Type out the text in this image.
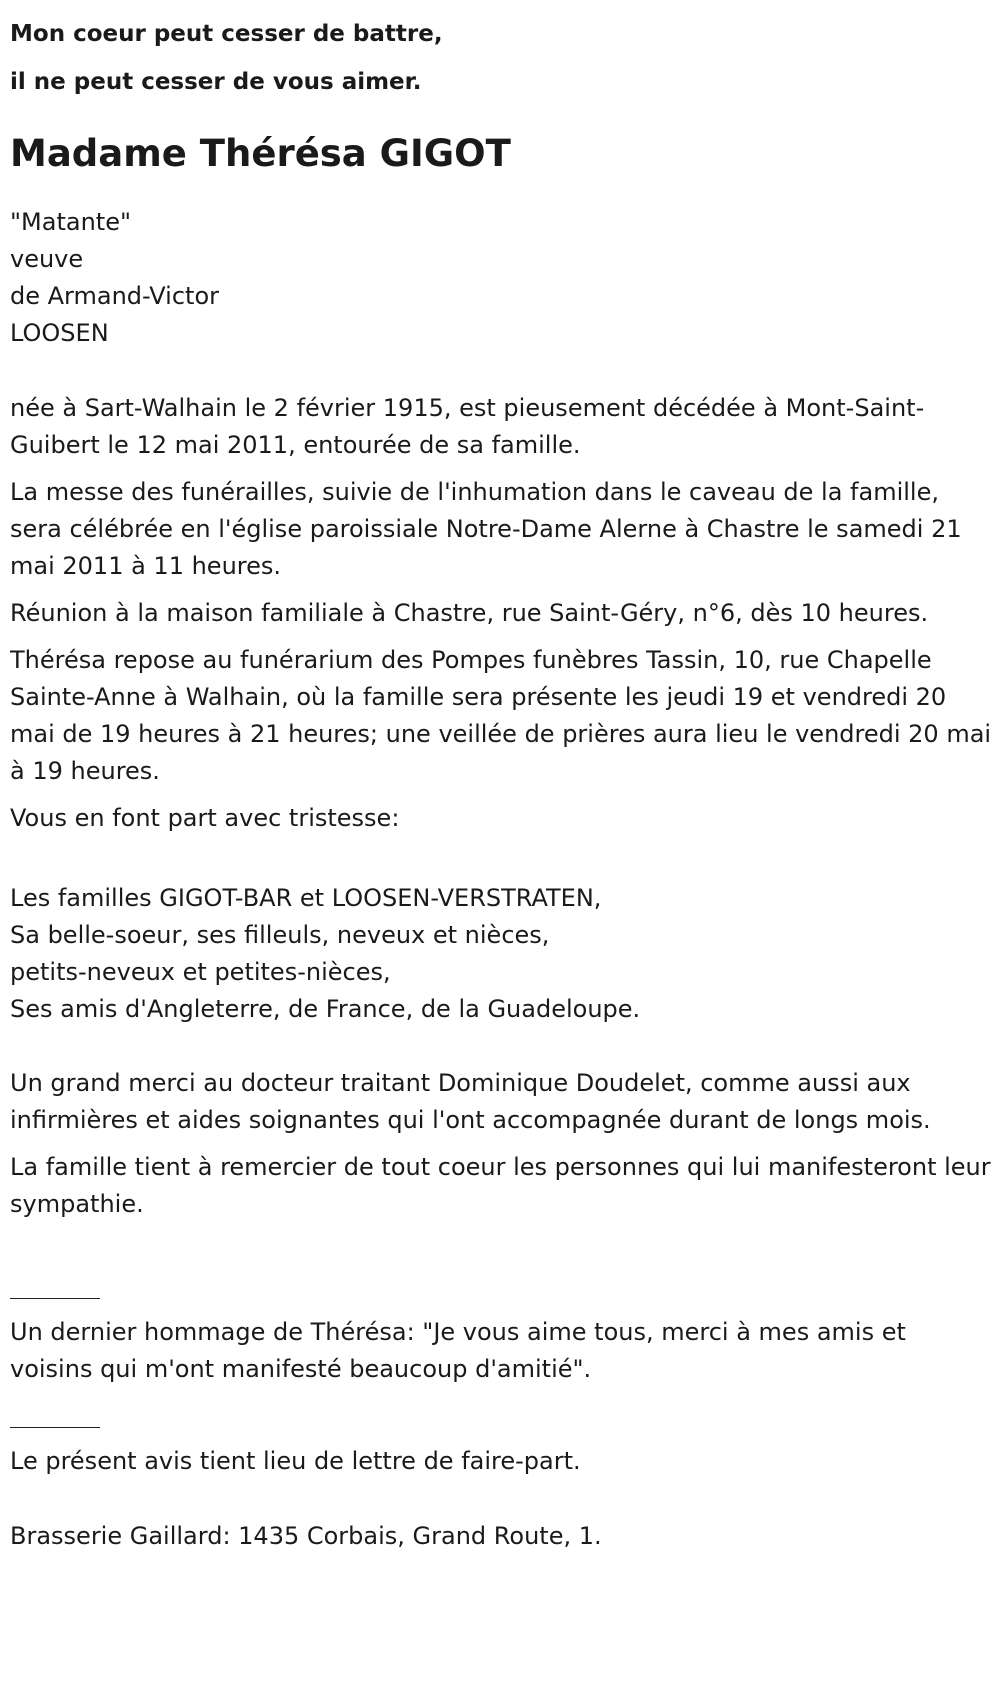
Mon coeur peut cesser de battre,
il ne peut cesser de vous aimer.
Madame Thérésa GIGOT
"Matante"
veuve
de Armand-Victor
LOOSEN

née à Sart-Walhain le 2 février 1915, est pieusement décédée à Mont-Saint-Guibert le 12 mai 2011, entourée de sa famille.

La messe des funérailles, suivie de l'inhumation dans le caveau de la famille, sera célébrée en l'église paroissiale Notre-Dame Alerne à Chastre le samedi 21 mai 2011 à 11 heures.

Réunion à la maison familiale à Chastre, rue Saint-Géry, n°6, dès 10 heures.

Thérésa repose au funérarium des Pompes funèbres Tassin, 10, rue Chapelle Sainte-Anne à Walhain, où la famille sera présente les jeudi 19 et vendredi 20 mai de 19 heures à 21 heures; une veillée de prières aura lieu le vendredi 20 mai à 19 heures.

Vous en font part avec tristesse:

Les familles GIGOT-BAR et LOOSEN-VERSTRATEN,
Sa belle-soeur, ses filleuls, neveux et nièces,
petits-neveux et petites-nièces,
Ses amis d'Angleterre, de France, de la Guadeloupe.

Un grand merci au docteur traitant Dominique Doudelet, comme aussi aux infirmières et aides soignantes qui l'ont accompagnée durant de longs mois.

La famille tient à remercier de tout coeur les personnes qui lui manifesteront leur sympathie.

Un dernier hommage de Thérésa: "Je vous aime tous, merci à mes amis et voisins qui m'ont manifesté beaucoup d'amitié".

Le présent avis tient lieu de lettre de faire-part.

Brasserie Gaillard: 1435 Corbais, Grand Route, 1.
